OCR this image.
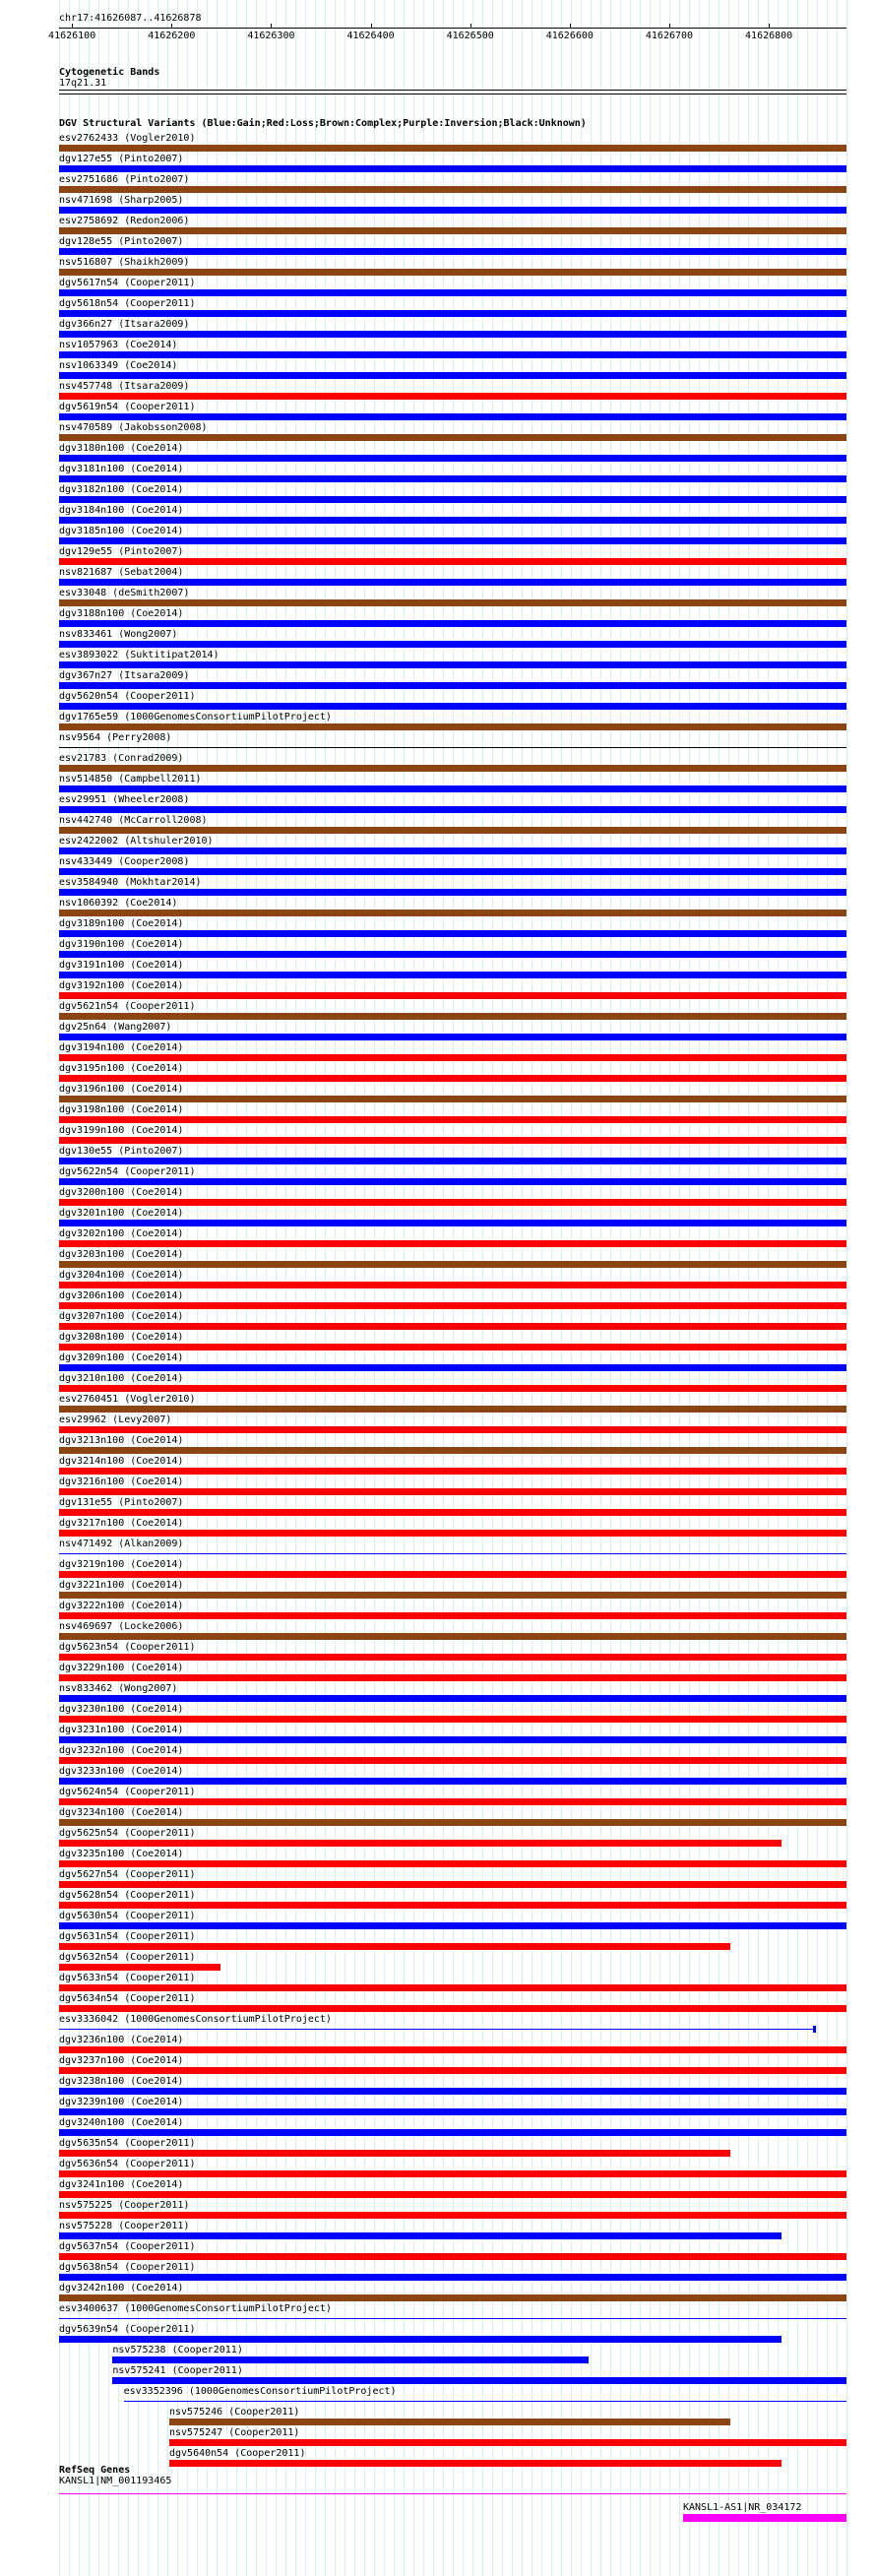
chr17:41626087..41626878
41626100	41626200	41626300	41626400	41626500	41626600	41626700	41626800
Cytogenetic Bands
17q21.31
DGV Structural Variants (Blue:Gain;Red:Loss;Brown:Complex;Purple:Inversion;Black:Unknown)
esv2762433 (Vogler2010)
dgv127e55 (Pinto2007)
esv2751686 (Pinto2007)
nsv471698 (Sharp2005)
esv2758692 (Redon2006)
dgv128e55 (Pinto2007)
nsv516807 (Shaikh2009)
dgv5617n54 (Cooper2011)
dgv5618n54 (Cooper2011)
dgv366n27 (Itsara2009)
nsv1057963 (Coe2014)
nsv1063349 (Coe2014)
nsv457748 (Itsara2009)
dgv5619n54 (Cooper2011)
nsv470589 (Jakobsson2008)
dgv3180n100 (Coe2014)
dgv3181n100 (Coe2014)
dgv3182n100 (Coe2014)
dgv3184n100 (Coe2014)
dgv3185n100 (Coe2014)
dgv129e55 (Pinto2007)
nsv821687 (Sebat2004)
esv33048 (deSmith2007)
dgv3188n100 (Coe2014)
nsv833461 (Wong2007)
esv3893022 (Suktitipat2014)
dgv367n27 (Itsara2009)
dgv5620n54 (Cooper2011)
dgv1765e59 (1000GenomesConsortiumPilotProject)
nsv9564 (Perry2008)
esv21783 (Conrad2009)
nsv514850 (Campbell2011)
esv29951 (Wheeler2008)
nsv442740 (McCarroll2008)
esv2422002 (Altshuler2010)
nsv433449 (Cooper2008)
esv3584940 (Mokhtar2014)
nsv1060392 (Coe2014)
dgv3189n100 (Coe2014)
dgv3190n100 (Coe2014)
dgv3191n100 (Coe2014)
dgv3192n100 (Coe2014)
dgv5621n54 (Cooper2011)
dgv25n64 (Wang2007)
dgv3194n100 (Coe2014)
dgv3195n100 (Coe2014)
dgv3196n100 (Coe2014)
dgv3198n100 (Coe2014)
dgv3199n100 (Coe2014)
dgv130e55 (Pinto2007)
dgv5622n54 (Cooper2011)
dgv3200n100 (Coe2014)
dgv3201n100 (Coe2014)
dgv3202n100 (Coe2014)
dgv3203n100 (Coe2014)
dgv3204n100 (Coe2014)
dgv3206n100 (Coe2014)
dgv3207n100 (Coe2014)
dgv3208n100 (Coe2014)
dgv3209n100 (Coe2014)
dgv3210n100 (Coe2014)
esv2760451 (Vogler2010)
esv29962 (Levy2007)
dgv3213n100 (Coe2014)
dgv3214n100 (Coe2014)
dgv3216n100 (Coe2014)
dgv131e55 (Pinto2007)
dgv3217n100 (Coe2014)
nsv471492 (Alkan2009)
dgv3219n100 (Coe2014)
dgv3221n100 (Coe2014)
dgv3222n100 (Coe2014)
nsv469697 (Locke2006)
dgv5623n54 (Cooper2011)
dgv3229n100 (Coe2014)
nsv833462 (Wong2007)
dgv3230n100 (Coe2014)
dgv3231n100 (Coe2014)
dgv3232n100 (Coe2014)
dgv3233n100 (Coe2014)
dgv5624n54 (Cooper2011)
dgv3234n100 (Coe2014)
dgv5625n54 (Cooper2011)
dgv3235n100 (Coe2014)
dgv5627n54 (Cooper2011)
dgv5628n54 (Cooper2011)
dgv5630n54 (Cooper2011)
dgv5631n54 (Cooper2011)
dgv5632n54 (Cooper2011)
dgv5633n54 (Cooper2011)
dgv5634n54 (Cooper2011)
esv3336042 (1000GenomesConsortiumPilotProject)
dgv3236n100 (Coe2014)
dgv3237n100 (Coe2014)
dgv3238n100 (Coe2014)
dgv3239n100 (Coe2014)
dgv3240n100 (Coe2014)
dgv5635n54 (Cooper2011)
dgv5636n54 (Cooper2011)
dgv3241n100 (Coe2014)
nsv575225 (Cooper2011)
nsv575228 (Cooper2011)
dgv5637n54 (Cooper2011)
dgv5638n54 (Cooper2011)
dgv3242n100 (Coe2014)
esv3400637 (1000GenomesConsortiumPilotProject)
dgv5639n54 (Cooper2011)
nsv575238 (Cooper2011)
nsv575241 (Cooper2011)
esv3352396 (1000GenomesConsortiumPilotProject)
nsv575246 (Cooper2011)
nsv575247 (Cooper2011)
dgv5640n54 (Cooper2011)
RefSeq Genes
KANSL1|NM_001193465
KANSL1-AS1|NR_034172
